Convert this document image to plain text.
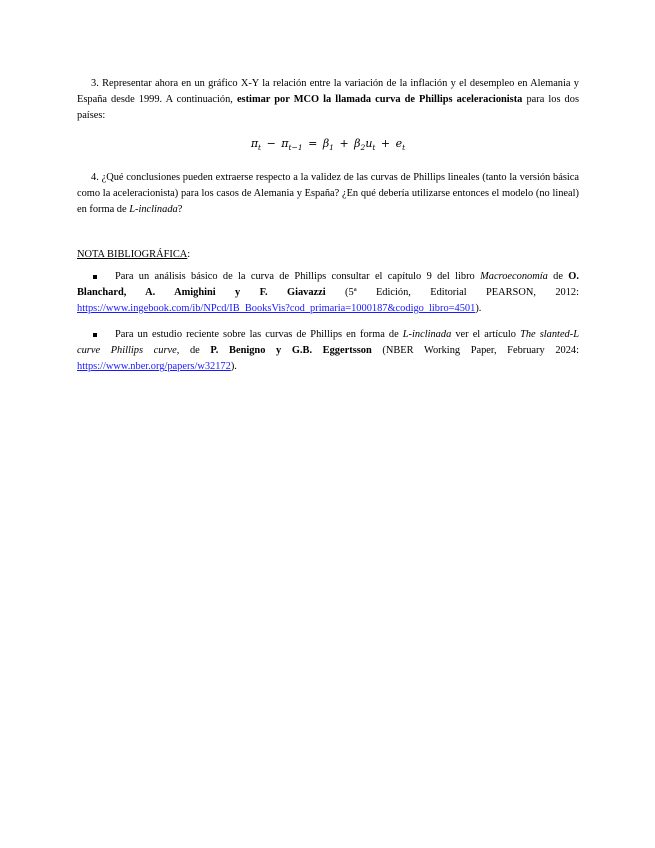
3. Representar ahora en un gráfico X-Y la relación entre la variación de la inflación y el desempleo en Alemania y España desde 1999. A continuación, estimar por MCO la llamada curva de Phillips aceleracionista para los dos países:

$\pi_t - \pi_{t-1} = \beta_1 + \beta_2u_t + e_t$

4. ¿Qué conclusiones pueden extraerse respecto a la validez de las curvas de Phillips lineales (tanto la versión básica como la aceleracionista) para los casos de Alemania y España? ¿En qué debería utilizarse entonces el modelo (no lineal) en forma de L-inclinada?

NOTA BIBLIOGRÁFICA:
Para un análisis básico de la curva de Phillips consultar el capítulo 9 del libro Macroeconomía de O. Blanchard, A. Amighini y F. Giavazzi (5ª Edición, Editorial PEARSON, 2012: https://www.ingebook.com/ib/NPcd/IB_BooksVis?cod_primaria=1000187&codigo_libro=4501).
Para un estudio reciente sobre las curvas de Phillips en forma de L-inclinada ver el artículo The slanted-L curve Phillips curve, de P. Benigno y G.B. Eggertsson (NBER Working Paper, February 2024: https://www.nber.org/papers/w32172).
